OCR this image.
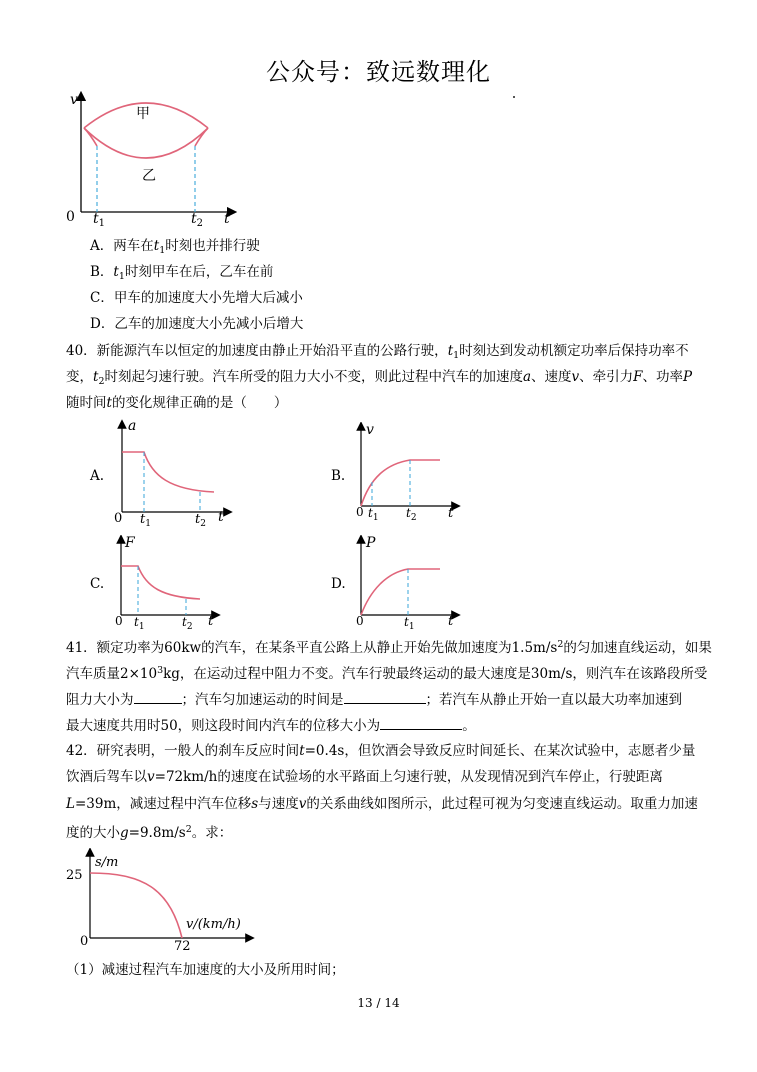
公众号：致远数理化
v
甲
乙
0 $t_1$	$t_2$ t
A．两车在$t_1$时刻也并排行驶
B．$t_1$时刻甲车在后，乙车在前
C．甲车的加速度大小先增大后减小
D．乙车的加速度大小先减小后增大
40．新能源汽车以恒定的加速度由静止开始沿平直的公路行驶，$t_1$时刻达到发动机额定功率后保持功率不
变，$t_2$时刻起匀速行驶。汽车所受的阻力大小不变，则此过程中汽车的加速度a、速度v、牵引力F、功率P
随时间t的变化规律正确的是（　　）
A.
a
0 $t_1$	$t_2$ t
B.
v
0 $t_1$ $t_2$ t
C.
F
0 $t_1$	$t_2$ t
D.
P
0	$t_1$	t
41．额定功率为60kw的汽车，在某条平直公路上从静止开始先做加速度为$1.5m/s^2$的匀加速直线运动，如果
汽车质量$2\times 10^3kg$，在运动过程中阻力不变。汽车行驶最终运动的最大速度是30m/s，则汽车在该路段所受
阻力大小为	；汽车匀加速运动的时间是	；若汽车从静止开始一直以最大功率加速到
最大速度共用时50，则这段时间内汽车的位移大小为	。
42．研究表明，一般人的刹车反应时间t=0.4s，但饮酒会导致反应时间延长、在某次试验中，志愿者少量
饮酒后驾车以v=72km/h的速度在试验场的水平路面上匀速行驶，从发现情况到汽车停止，行驶距离
L=39m，减速过程中汽车位移s与速度v的关系曲线如图所示，此过程可视为匀变速直线运动。取重力加速
度的大小$g=9.8m/s^2$。求：
s/m
25
0	72
v/(km/h)
（1）减速过程汽车加速度的大小及所用时间；
13 / 14
